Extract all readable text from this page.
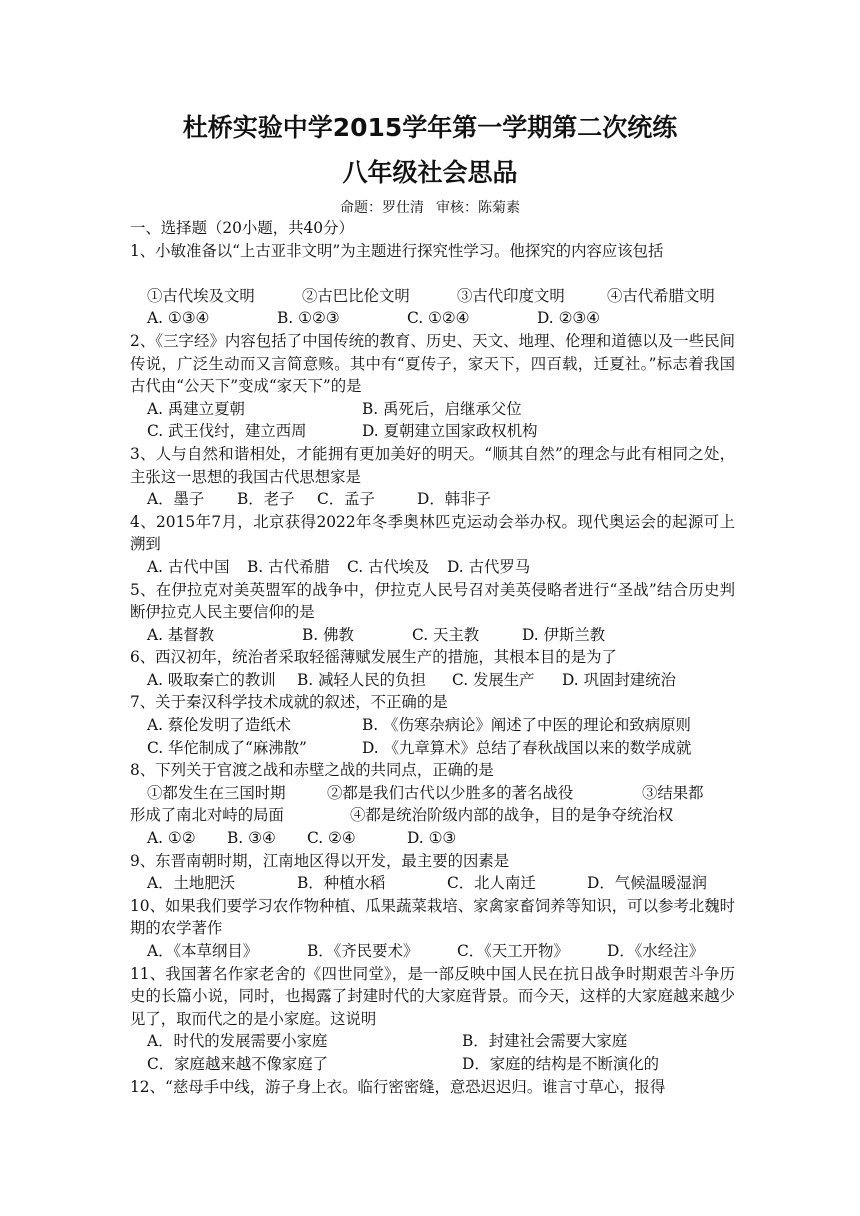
杜桥实验中学2015学年第一学期第二次统练
八年级社会思品
命题：罗仕清 审核：陈菊素
一、选择题（20小题，共40分）
1、小敏准备以“上古亚非文明”为主题进行探究性学习。他探究的内容应该包括
①古代埃及文明	②古巴比伦文明	③古代印度文明	④古代希腊文明
A. ①③④	B. ①②③	C. ①②④	D. ②③④
2、《三字经》内容包括了中国传统的教育、历史、天文、地理、伦理和道德以及一些民间传说，广泛生动而又言简意赅。其中有“夏传子，家天下，四百载，迁夏社。”标志着我国古代由“公天下”变成“家天下”的是
A. 禹建立夏朝	B. 禹死后，启继承父位
C. 武王伐纣，建立西周	D. 夏朝建立国家政权机构
3、人与自然和谐相处，才能拥有更加美好的明天。“顺其自然”的理念与此有相同之处，主张这一思想的我国古代思想家是
A．墨子 B．老子 C．孟子	D．韩非子
4、2015年7月，北京获得2022年冬季奥林匹克运动会举办权。现代奥运会的起源可上溯到
A. 古代中国 B. 古代希腊 C. 古代埃及 D. 古代罗马
5、在伊拉克对美英盟军的战争中，伊拉克人民号召对美英侵略者进行“圣战”结合历史判断伊拉克人民主要信仰的是
A. 基督教	B. 佛教	C. 天主教	D. 伊斯兰教
6、西汉初年，统治者采取轻徭薄赋发展生产的措施，其根本目的是为了
A. 吸取秦亡的教训 B. 减轻人民的负担 C. 发展生产 D. 巩固封建统治
7、关于秦汉科学技术成就的叙述，不正确的是
A. 蔡伦发明了造纸术	B. 《伤寒杂病论》阐述了中医的理论和致病原则
C. 华佗制成了“麻沸散”	D. 《九章算术》总结了春秋战国以来的数学成就
8、下列关于官渡之战和赤壁之战的共同点，正确的是
①都发生在三国时期	②都是我们古代以少胜多的著名战役	③结果都
形成了南北对峙的局面	④都是统治阶级内部的战争，目的是争夺统治权
A. ①② B. ③④ C. ②④	D. ①③
9、东晋南朝时期，江南地区得以开发，最主要的因素是
A．土地肥沃	B．种植水稻	C．北人南迁	D．气候温暖湿润
10、如果我们要学习农作物种植、瓜果蔬菜栽培、家禽家畜饲养等知识，可以参考北魏时期的农学著作
A．《本草纲目》	B．《齐民要术》	C．《天工开物》 D．《水经注》
11、我国著名作家老舍的《四世同堂》，是一部反映中国人民在抗日战争时期艰苦斗争历史的长篇小说，同时，也揭露了封建时代的大家庭背景。而今天，这样的大家庭越来越少见了，取而代之的是小家庭。这说明
A．时代的发展需要小家庭	B．封建社会需要大家庭
C．家庭越来越不像家庭了	D．家庭的结构是不断演化的
12、“慈母手中线，游子身上衣。临行密密缝，意恐迟迟归。谁言寸草心，报得
